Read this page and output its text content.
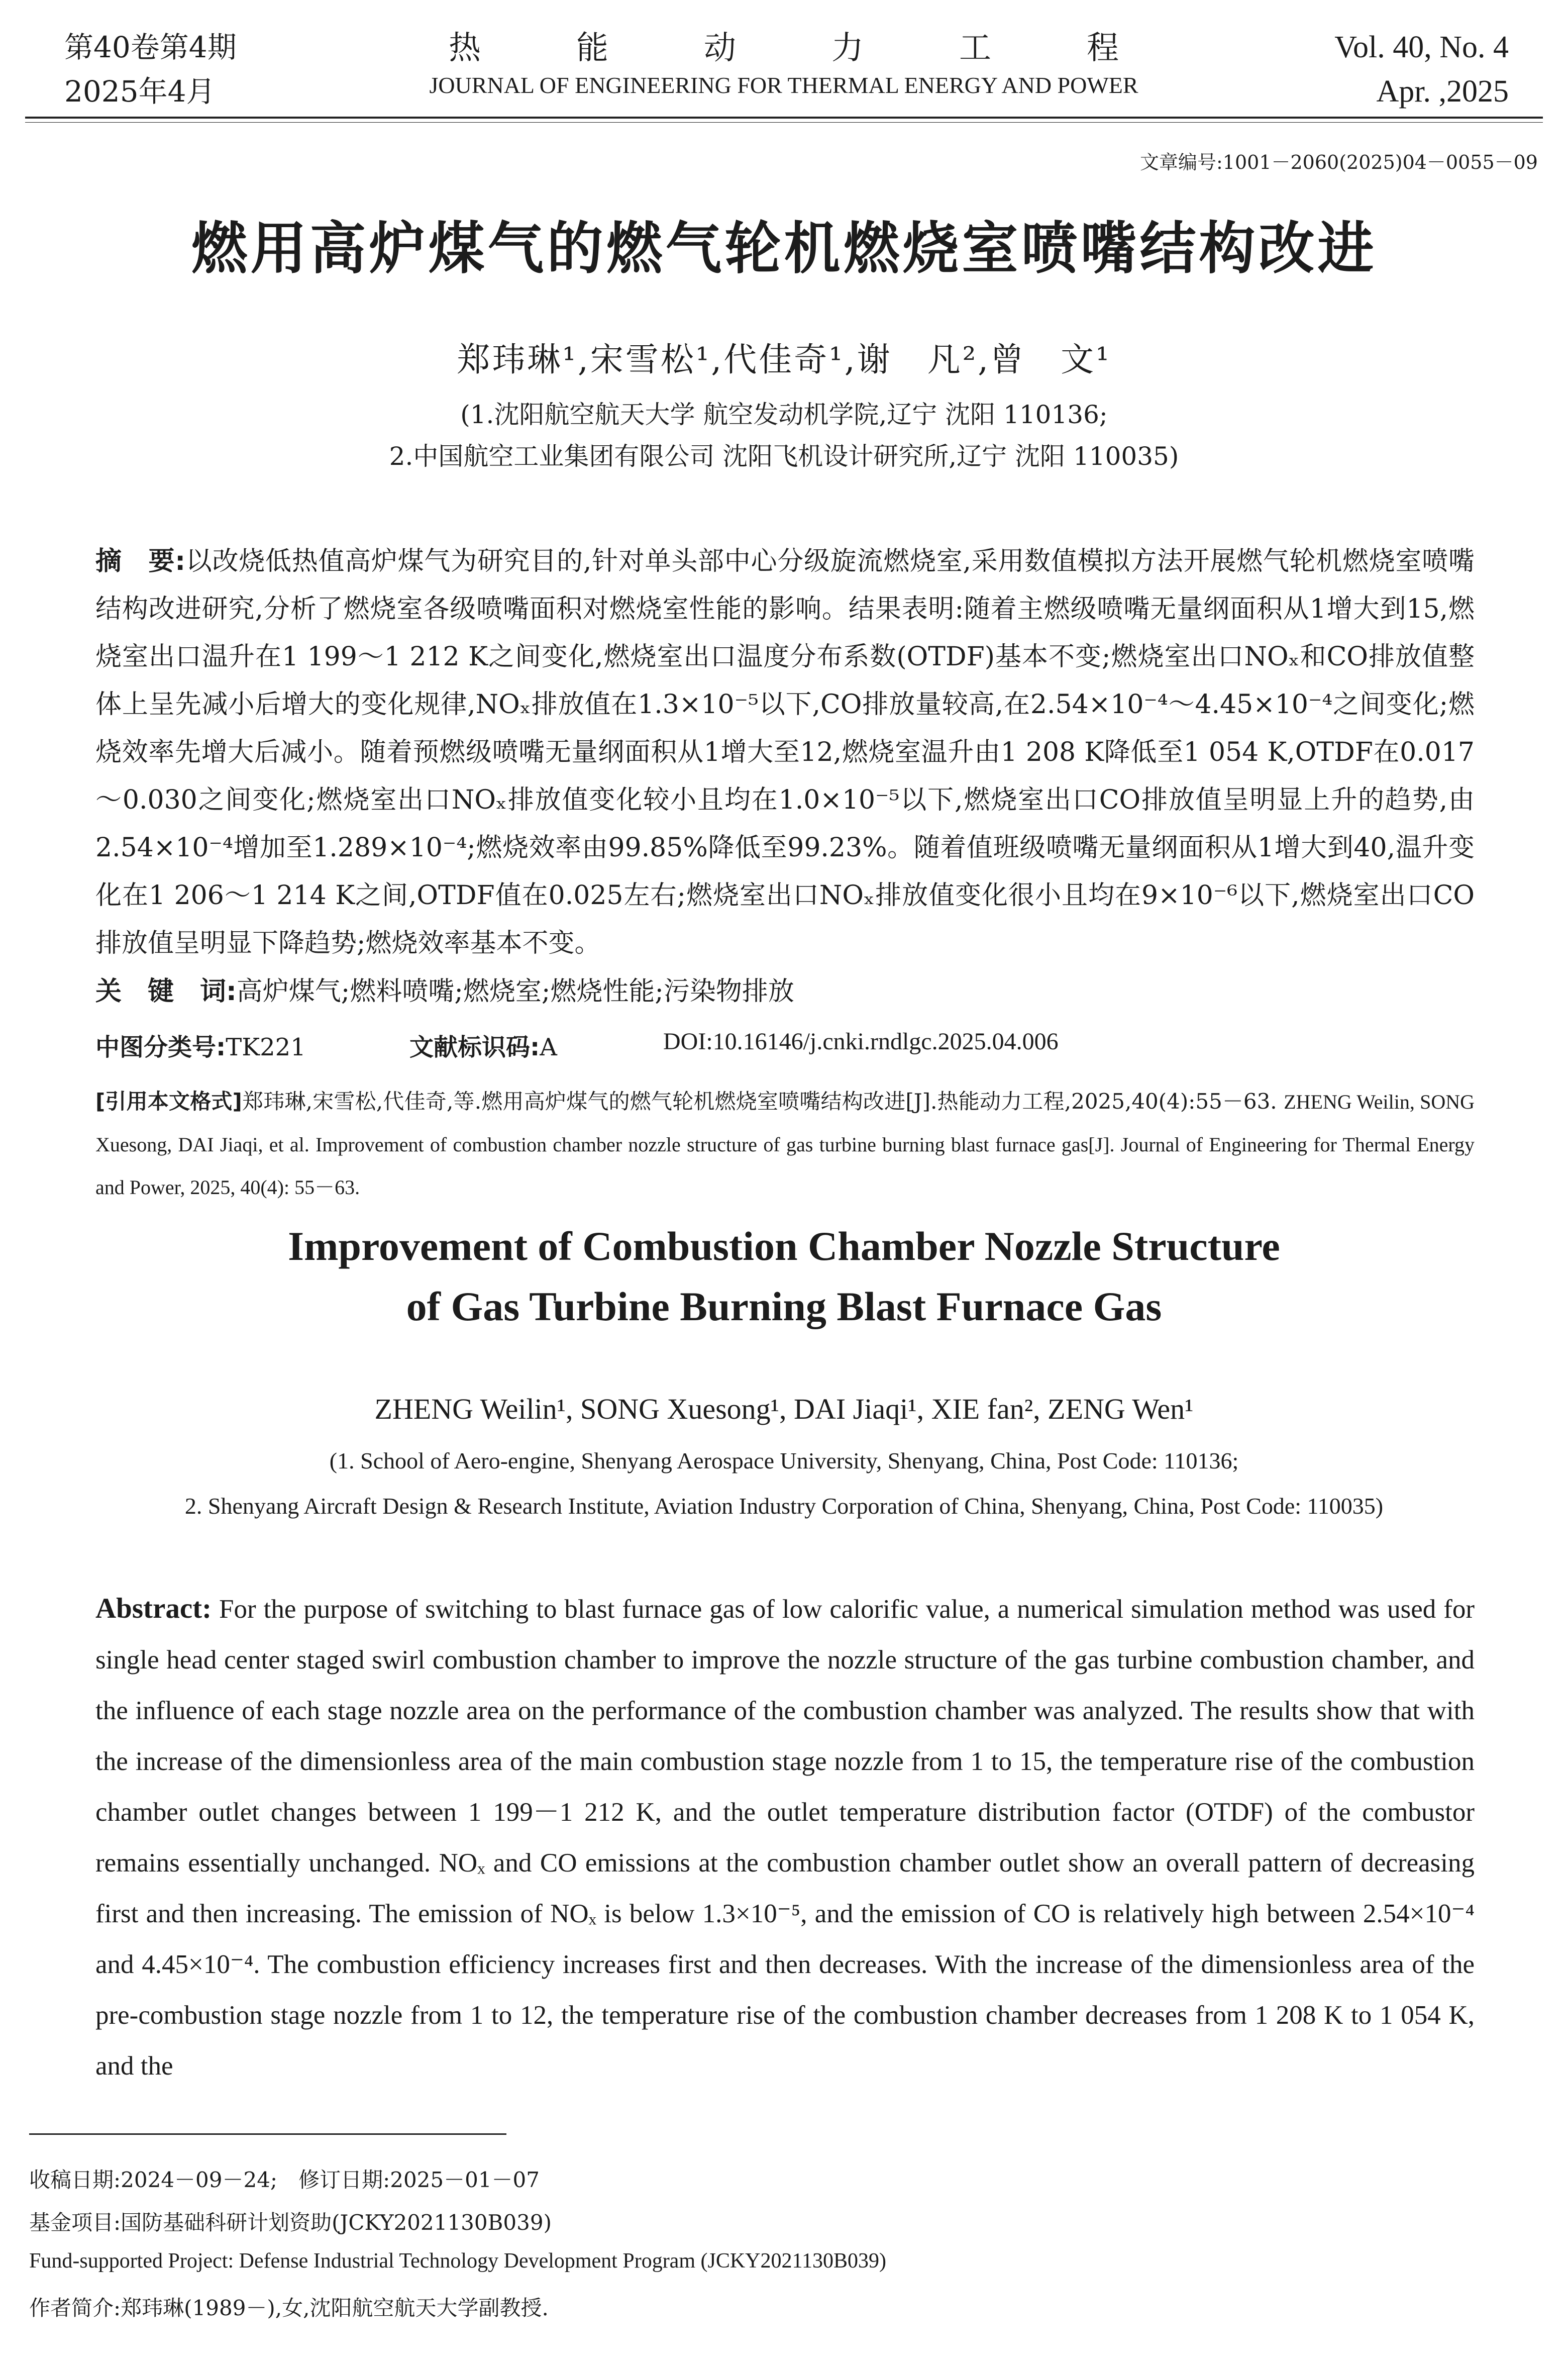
第40卷第4期
2025年4月
热能动力工程
JOURNAL OF ENGINEERING FOR THERMAL ENERGY AND POWER
Vol. 40, No. 4
Apr. ,2025
文章编号:1001－2060(2025)04－0055－09
燃用高炉煤气的燃气轮机燃烧室喷嘴结构改进
郑玮琳¹,宋雪松¹,代佳奇¹,谢　凡²,曾　文¹
(1.沈阳航空航天大学 航空发动机学院,辽宁 沈阳 110136;
2.中国航空工业集团有限公司 沈阳飞机设计研究所,辽宁 沈阳 110035)
摘　要:以改烧低热值高炉煤气为研究目的,针对单头部中心分级旋流燃烧室,采用数值模拟方法开展燃气轮机燃烧室喷嘴结构改进研究,分析了燃烧室各级喷嘴面积对燃烧室性能的影响。结果表明:随着主燃级喷嘴无量纲面积从1增大到15,燃烧室出口温升在1 199～1 212 K之间变化,燃烧室出口温度分布系数(OTDF)基本不变;燃烧室出口NOₓ和CO排放值整体上呈先减小后增大的变化规律,NOₓ排放值在1.3×10⁻⁵以下,CO排放量较高,在2.54×10⁻⁴～4.45×10⁻⁴之间变化;燃烧效率先增大后减小。随着预燃级喷嘴无量纲面积从1增大至12,燃烧室温升由1 208 K降低至1 054 K,OTDF在0.017～0.030之间变化;燃烧室出口NOₓ排放值变化较小且均在1.0×10⁻⁵以下,燃烧室出口CO排放值呈明显上升的趋势,由2.54×10⁻⁴增加至1.289×10⁻⁴;燃烧效率由99.85%降低至99.23%。随着值班级喷嘴无量纲面积从1增大到40,温升变化在1 206～1 214 K之间,OTDF值在0.025左右;燃烧室出口NOₓ排放值变化很小且均在9×10⁻⁶以下,燃烧室出口CO排放值呈明显下降趋势;燃烧效率基本不变。
关　键　词:高炉煤气;燃料喷嘴;燃烧室;燃烧性能;污染物排放
中图分类号:TK221	文献标识码:A	DOI:10.16146/j.cnki.rndlgc.2025.04.006
[引用本文格式]郑玮琳,宋雪松,代佳奇,等.燃用高炉煤气的燃气轮机燃烧室喷嘴结构改进[J].热能动力工程,2025,40(4):55－63. ZHENG Weilin, SONG Xuesong, DAI Jiaqi, et al. Improvement of combustion chamber nozzle structure of gas turbine burning blast furnace gas[J]. Journal of Engineering for Thermal Energy and Power, 2025, 40(4): 55－63.
Improvement of Combustion Chamber Nozzle Structure
of Gas Turbine Burning Blast Furnace Gas
ZHENG Weilin¹, SONG Xuesong¹, DAI Jiaqi¹, XIE fan², ZENG Wen¹
(1. School of Aero-engine, Shenyang Aerospace University, Shenyang, China, Post Code: 110136;
2. Shenyang Aircraft Design & Research Institute, Aviation Industry Corporation of China, Shenyang, China, Post Code: 110035)
Abstract: For the purpose of switching to blast furnace gas of low calorific value, a numerical simulation method was used for single head center staged swirl combustion chamber to improve the nozzle structure of the gas turbine combustion chamber, and the influence of each stage nozzle area on the performance of the combustion chamber was analyzed. The results show that with the increase of the dimensionless area of the main combustion stage nozzle from 1 to 15, the temperature rise of the combustion chamber outlet changes between 1 199－1 212 K, and the outlet temperature distribution factor (OTDF) of the combustor remains essentially unchanged. NOₓ and CO emissions at the combustion chamber outlet show an overall pattern of decreasing first and then increasing. The emission of NOₓ is below 1.3×10⁻⁵, and the emission of CO is relatively high between 2.54×10⁻⁴ and 4.45×10⁻⁴. The combustion efficiency increases first and then decreases. With the increase of the dimensionless area of the pre-combustion stage nozzle from 1 to 12, the temperature rise of the combustion chamber decreases from 1 208 K to 1 054 K, and the
收稿日期:2024－09－24;　修订日期:2025－01－07
基金项目:国防基础科研计划资助(JCKY2021130B039)
Fund-supported Project: Defense Industrial Technology Development Program (JCKY2021130B039)
作者简介:郑玮琳(1989－),女,沈阳航空航天大学副教授.
